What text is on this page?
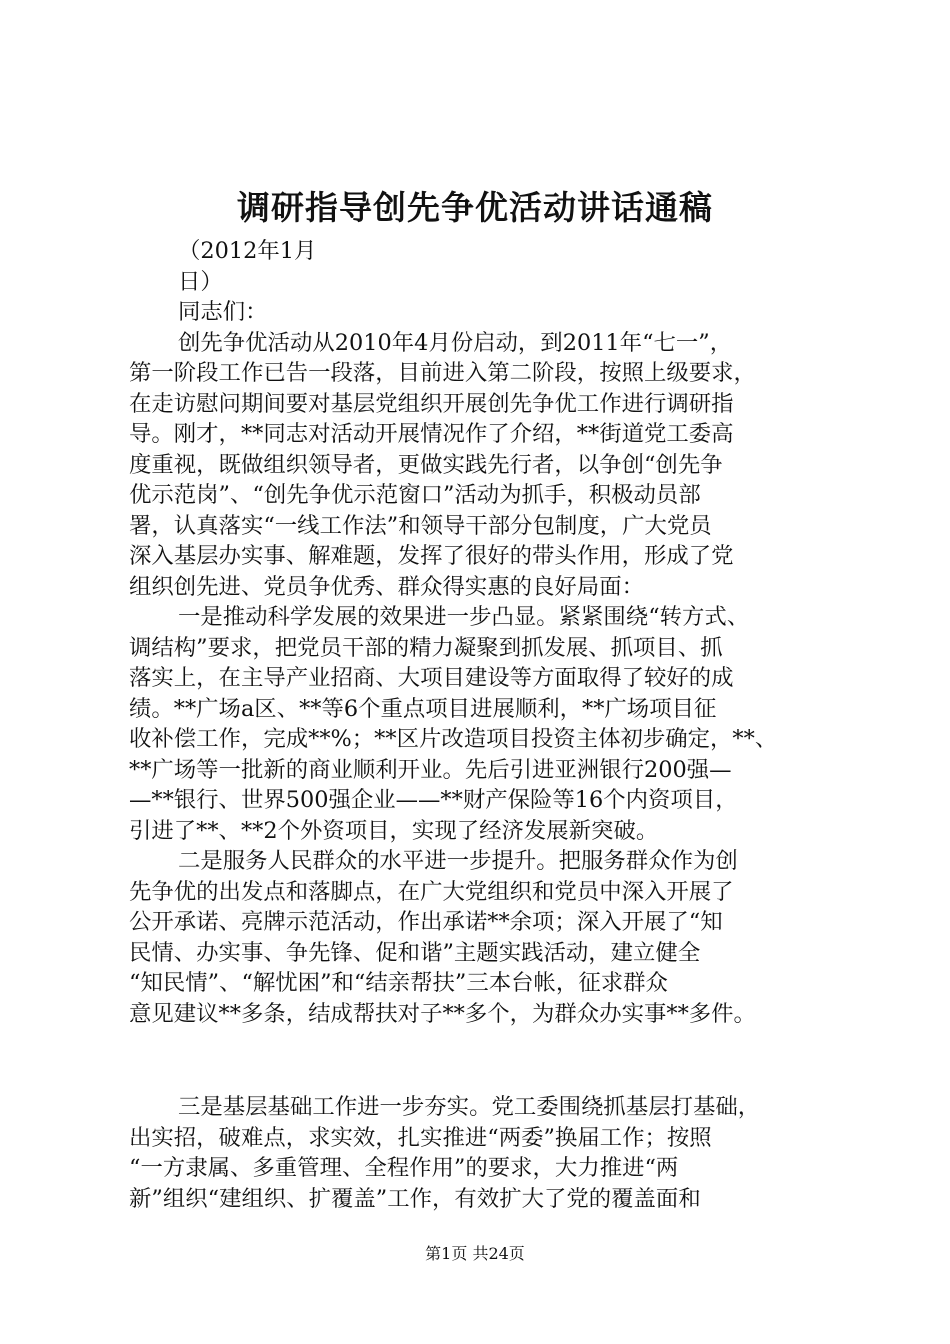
调研指导创先争优活动讲话通稿
（2012年1月
日）
同志们：
创先争优活动从2010年4月份启动，到2011年“七一”，
第一阶段工作已告一段落，目前进入第二阶段，按照上级要求，
在走访慰问期间要对基层党组织开展创先争优工作进行调研指
导。刚才，**同志对活动开展情况作了介绍，**街道党工委高
度重视，既做组织领导者，更做实践先行者，以争创“创先争
优示范岗”、“创先争优示范窗口”活动为抓手，积极动员部
署，认真落实“一线工作法”和领导干部分包制度，广大党员
深入基层办实事、解难题，发挥了很好的带头作用，形成了党
组织创先进、党员争优秀、群众得实惠的良好局面：
一是推动科学发展的效果进一步凸显。紧紧围绕“转方式、
调结构”要求，把党员干部的精力凝聚到抓发展、抓项目、抓
落实上，在主导产业招商、大项目建设等方面取得了较好的成
绩。**广场a区、**等6个重点项目进展顺利，**广场项目征
收补偿工作，完成**%；**区片改造项目投资主体初步确定，**、
**广场等一批新的商业顺利开业。先后引进亚洲银行200强—
—**银行、世界500强企业——**财产保险等16个内资项目，
引进了**、**2个外资项目，实现了经济发展新突破。
二是服务人民群众的水平进一步提升。把服务群众作为创
先争优的出发点和落脚点，在广大党组织和党员中深入开展了
公开承诺、亮牌示范活动，作出承诺**余项；深入开展了“知
民情、办实事、争先锋、促和谐”主题实践活动，建立健全
“知民情”、“解忧困”和“结亲帮扶”三本台帐，征求群众
意见建议**多条，结成帮扶对子**多个，为群众办实事**多件。
三是基层基础工作进一步夯实。党工委围绕抓基层打基础，
出实招，破难点，求实效，扎实推进“两委”换届工作；按照
“一方隶属、多重管理、全程作用”的要求，大力推进“两
新”组织“建组织、扩覆盖”工作，有效扩大了党的覆盖面和
第1页 共24页
